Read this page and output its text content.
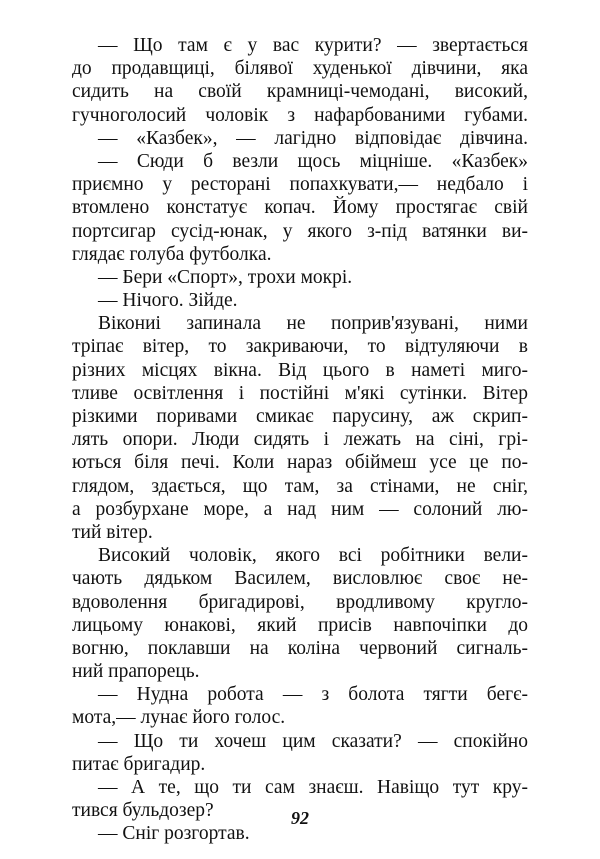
— Що там є у вас курити? — звертається
до продавщиці, білявої худенької дівчини, яка
сидить на своїй крамниці-чемодані, високий,
гучноголосий чоловік з нафарбованими губами.
— «Казбек», — лагідно відповідає дівчина.
— Сюди б везли щось міцніше. «Казбек»
приємно у ресторані попахкувати,— недбало і
втомлено констатує копач. Йому простягає свій
портсигар сусід-юнак, у якого з-під ватянки ви-
глядає голуба футболка.
— Бери «Спорт», трохи мокрі.
— Нічого. Зійде.
Вікониі запинала не поприв'язувані, ними
тріпає вітер, то закриваючи, то відтуляючи в
різних місцях вікна. Від цього в наметі миго-
тливе освітлення і постійні м'які сутінки. Вітер
різкими поривами смикає парусину, аж скрип-
лять опори. Люди сидять і лежать на сіні, грі-
ються біля печі. Коли нараз обіймеш усе це по-
глядом, здається, що там, за стінами, не сніг,
а розбурхане море, а над ним — солоний лю-
тий вітер.
Високий чоловік, якого всі робітники вели-
чають дядьком Василем, висловлює своє не-
вдоволення бригадирові, вродливому кругло-
лицьому юнакові, який присів навпочіпки до
вогню, поклавши на коліна червоний сигналь-
ний прапорець.
— Нудна робота — з болота тягти бегє-
мота,— лунає його голос.
— Що ти хочеш цим сказати? — спокійно
питає бригадир.
— А те, що ти сам знаєш. Навіщо тут кру-
тився бульдозер?
— Сніг розгортав.
92
